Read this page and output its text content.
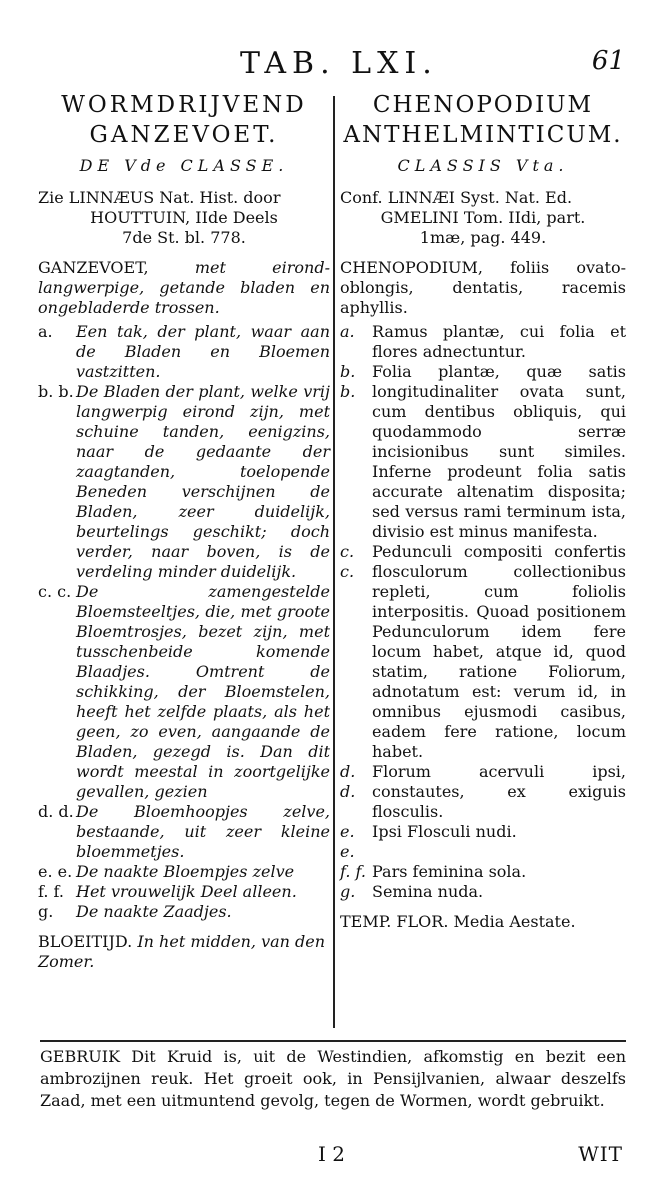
TAB. LXI.	61
WORMDRIJVEND
GANZEVOET.
DE Vde CLASSE.
Zie LINNÆUS Nat. Hist. door
HOUTTUIN, IIde Deels
7de St. bl. 778.
GANZEVOET,	met eirond-langwerpige, getande bladen en ongebladerde trossen.
a.	Een tak, der plant, waar aan de Bladen en Bloemen vastzitten.
b. b. De Bladen der plant, welke vrij langwerpig eirond zijn, met schuine tanden, eenigzins, naar de gedaante der zaagtanden, toelopende Beneden verschijnen de Bladen, zeer duidelijk, beurtelings geschikt; doch verder, naar boven, is de verdeling minder duidelijk.
c. c. De zamengestelde Bloemsteeltjes, die, met groote Bloemtrosjes, bezet zijn, met tusschenbeide komende Blaadjes. Omtrent de schikking, der Bloemstelen, heeft het zelfde plaats, als het geen, zo even, aangaande de Bladen, gezegd is. Dan dit wordt meestal in zoortgelijke gevallen, gezien
d. d. De Bloemhoopjes zelve, bestaande, uit zeer kleine bloemmetjes.
e. e. De naakte Bloempjes zelve
f. f. Het vrouwelijk Deel alleen.
g.	De naakte Zaadjes.
BLOEITIJD. In het midden, van den Zomer.
CHENOPODIUM
ANTHELMINTICUM.
CLASSIS Vta.
Conf. LINNÆI Syst. Nat. Ed.
GMELINI Tom. IIdi, part.
1mæ, pag. 449.
CHENOPODIUM, foliis ovato-oblongis, dentatis, racemis aphyllis.
a.	Ramus plantæ, cui folia et flores adnectuntur.
b. b.
Folia plantæ, quæ satis longitudinaliter ovata sunt, cum dentibus obliquis, qui quodammodo serræ incisionibus sunt similes. Inferne prodeunt folia satis accurate altenatim disposita; sed versus rami terminum ista, divisio est minus manifesta.
c. c.
Pedunculi compositi confertis flosculorum collectionibus repleti, cum foliolis interpositis. Quoad positionem Pedunculorum idem fere locum habet, atque id, quod statim, ratione Foliorum, adnotatum est: verum id, in omnibus ejusmodi casibus, eadem fere ratione, locum habet.
d. d.
Florum acervuli ipsi, constautes, ex exiguis flosculis.
e. e.
Ipsi Flosculi nudi.
f. f. Pars feminina sola.
g.	Semina nuda.
TEMP. FLOR. Media Aestate.
GEBRUIK Dit Kruid is, uit de Westindien, afkomstig en bezit een ambrozijnen reuk. Het groeit ook, in Pensijlvanien, alwaar deszelfs Zaad, met een uitmuntend gevolg, tegen de Wormen, wordt gebruikt.
I 2	WIT
